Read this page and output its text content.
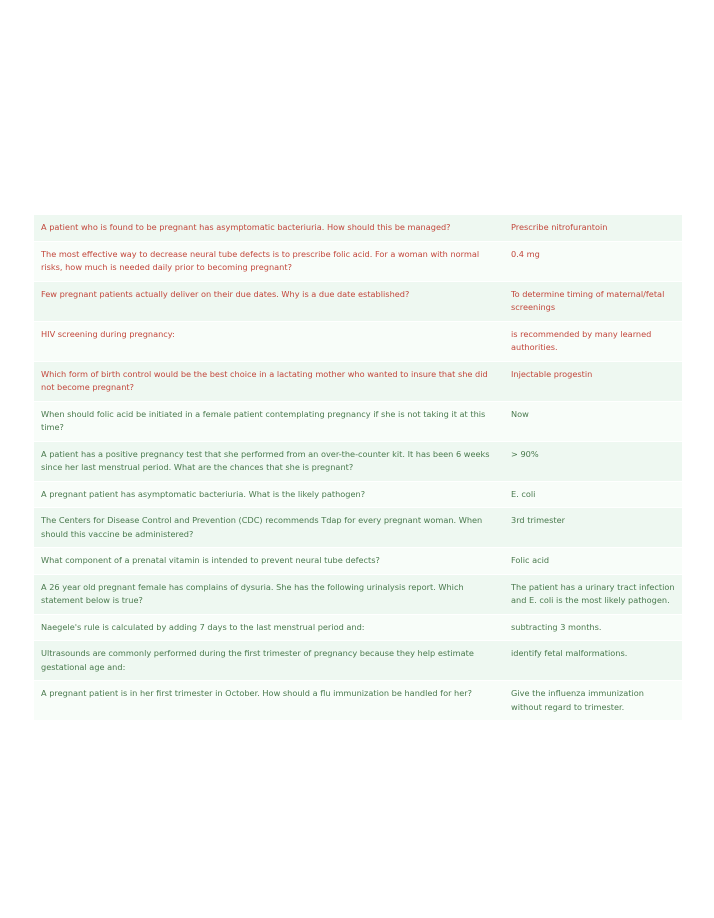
A patient who is found to be pregnant has asymptomatic bacteriuria. How should this be managed?	Prescribe nitrofurantoin
The most effective way to decrease neural tube defects is to prescribe folic acid. For a woman with normal risks, how much is needed daily prior to becoming pregnant?	0.4 mg
Few pregnant patients actually deliver on their due dates. Why is a due date established?	To determine timing of maternal/fetal screenings
HIV screening during pregnancy:	is recommended by many learned authorities.
Which form of birth control would be the best choice in a lactating mother who wanted to insure that she did not become pregnant?	Injectable progestin
When should folic acid be initiated in a female patient contemplating pregnancy if she is not taking it at this time?	Now
A patient has a positive pregnancy test that she performed from an over-the-counter kit. It has been 6 weeks since her last menstrual period. What are the chances that she is pregnant?	> 90%
A pregnant patient has asymptomatic bacteriuria. What is the likely pathogen?	E. coli
The Centers for Disease Control and Prevention (CDC) recommends Tdap for every pregnant woman. When should this vaccine be administered?	3rd trimester
What component of a prenatal vitamin is intended to prevent neural tube defects?	Folic acid
A 26 year old pregnant female has complains of dysuria. She has the following urinalysis report. Which statement below is true?	The patient has a urinary tract infection and E. coli is the most likely pathogen.
Naegele's rule is calculated by adding 7 days to the last menstrual period and:	subtracting 3 months.
Ultrasounds are commonly performed during the first trimester of pregnancy because they help estimate gestational age and:	identify fetal malformations.
A pregnant patient is in her first trimester in October. How should a flu immunization be handled for her?	Give the influenza immunization without regard to trimester.
